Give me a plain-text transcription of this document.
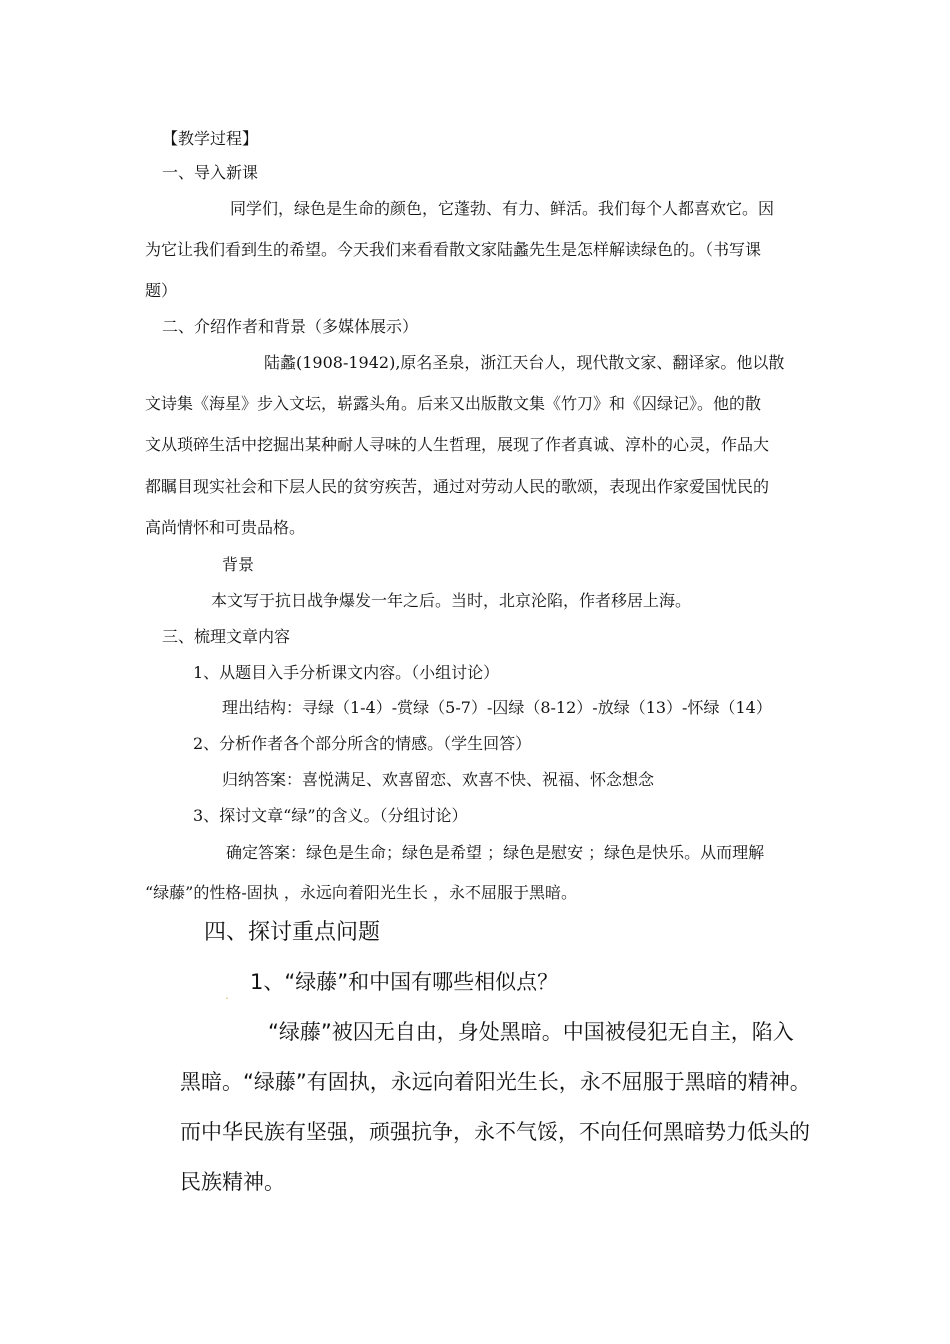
【教学过程】
一、导入新课
同学们，绿色是生命的颜色，它蓬勃、有力、鲜活。我们每个人都喜欢它。因
为它让我们看到生的希望。今天我们来看看散文家陆蠡先生是怎样解读绿色的。（书写课
题）
二、介绍作者和背景（多媒体展示）
陆蠡(1908-1942),原名圣泉，浙江天台人，现代散文家、翻译家。他以散
文诗集《海星》步入文坛，崭露头角。后来又出版散文集《竹刀》和《囚绿记》。他的散
文从琐碎生活中挖掘出某种耐人寻味的人生哲理，展现了作者真诚、淳朴的心灵，作品大
都瞩目现实社会和下层人民的贫穷疾苦，通过对劳动人民的歌颂，表现出作家爱国忧民的
高尚情怀和可贵品格。
背景
本文写于抗日战争爆发一年之后。当时，北京沦陷，作者移居上海。
三、梳理文章内容
1、从题目入手分析课文内容。（小组讨论）
理出结构：寻绿（1-4）-赏绿（5-7）-囚绿（8-12）-放绿（13）-怀绿（14）
2、分析作者各个部分所含的情感。（学生回答）
归纳答案：喜悦满足、欢喜留恋、欢喜不快、祝福、怀念想念
3、探讨文章“绿”的含义。（分组讨论）
确定答案：绿色是生命；绿色是希望 ；绿色是慰安 ；绿色是快乐。从而理解
“绿藤”的性格-固执 ，永远向着阳光生长 ，永不屈服于黑暗。
四、探讨重点问题
.
1、“绿藤”和中国有哪些相似点？
“绿藤”被囚无自由，身处黑暗。中国被侵犯无自主，陷入
黑暗。“绿藤”有固执，永远向着阳光生长，永不屈服于黑暗的精神。
而中华民族有坚强，顽强抗争，永不气馁，不向任何黑暗势力低头的
民族精神。
